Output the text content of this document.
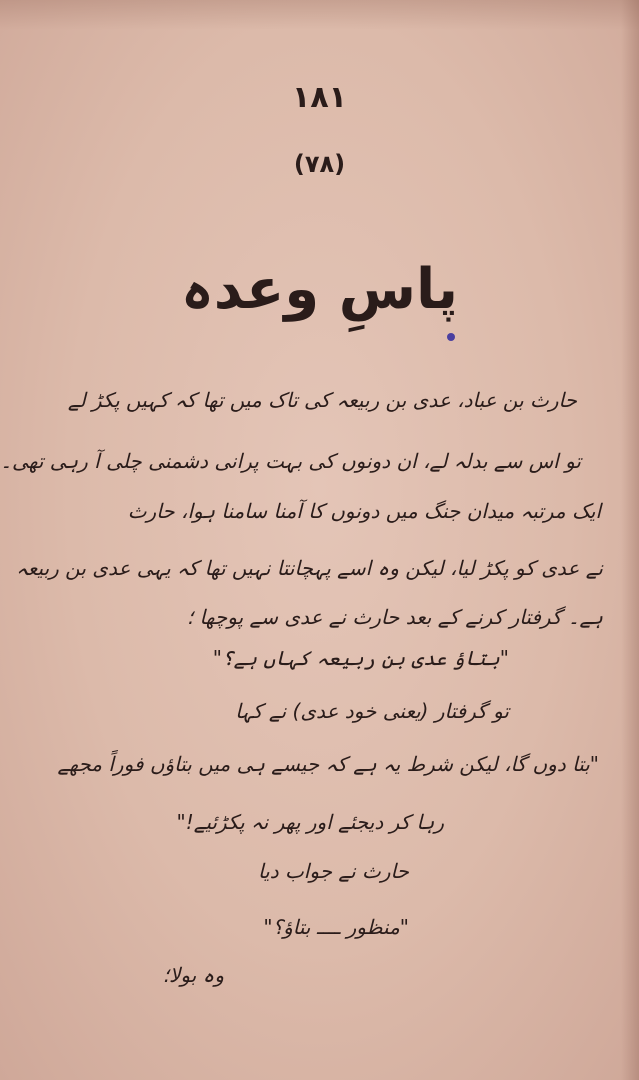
۱۸۱
(۷۸)
پاسِ وعدہ
حارث بن عباد، عدی بن ربیعہ کی تاک میں تھا کہ کہیں پکڑ لے
تو اس سے بدلہ لے، ان دونوں کی بہت پرانی دشمنی چلی آ رہی تھی۔
ایک مرتبہ میدان جنگ میں دونوں کا آمنا سامنا ہوا، حارث
نے عدی کو پکڑ لیا، لیکن وہ اسے پہچانتا نہیں تھا کہ یہی عدی بن ربیعہ
ہے۔ گرفتار کرنے کے بعد حارث نے عدی سے پوچھا ؛
"بتاؤ عدی بن ربیعہ کہاں ہے؟"
تو گرفتار (یعنی خود عدی) نے کہا
"بتا دوں گا، لیکن شرط یہ ہے کہ جیسے ہی میں بتاؤں فوراً مجھے
رہا کر دیجئے اور پھر نہ پکڑئیے!"
حارث نے جواب دیا
"منظور ــــ بتاؤ؟"
وہ بولا؛
